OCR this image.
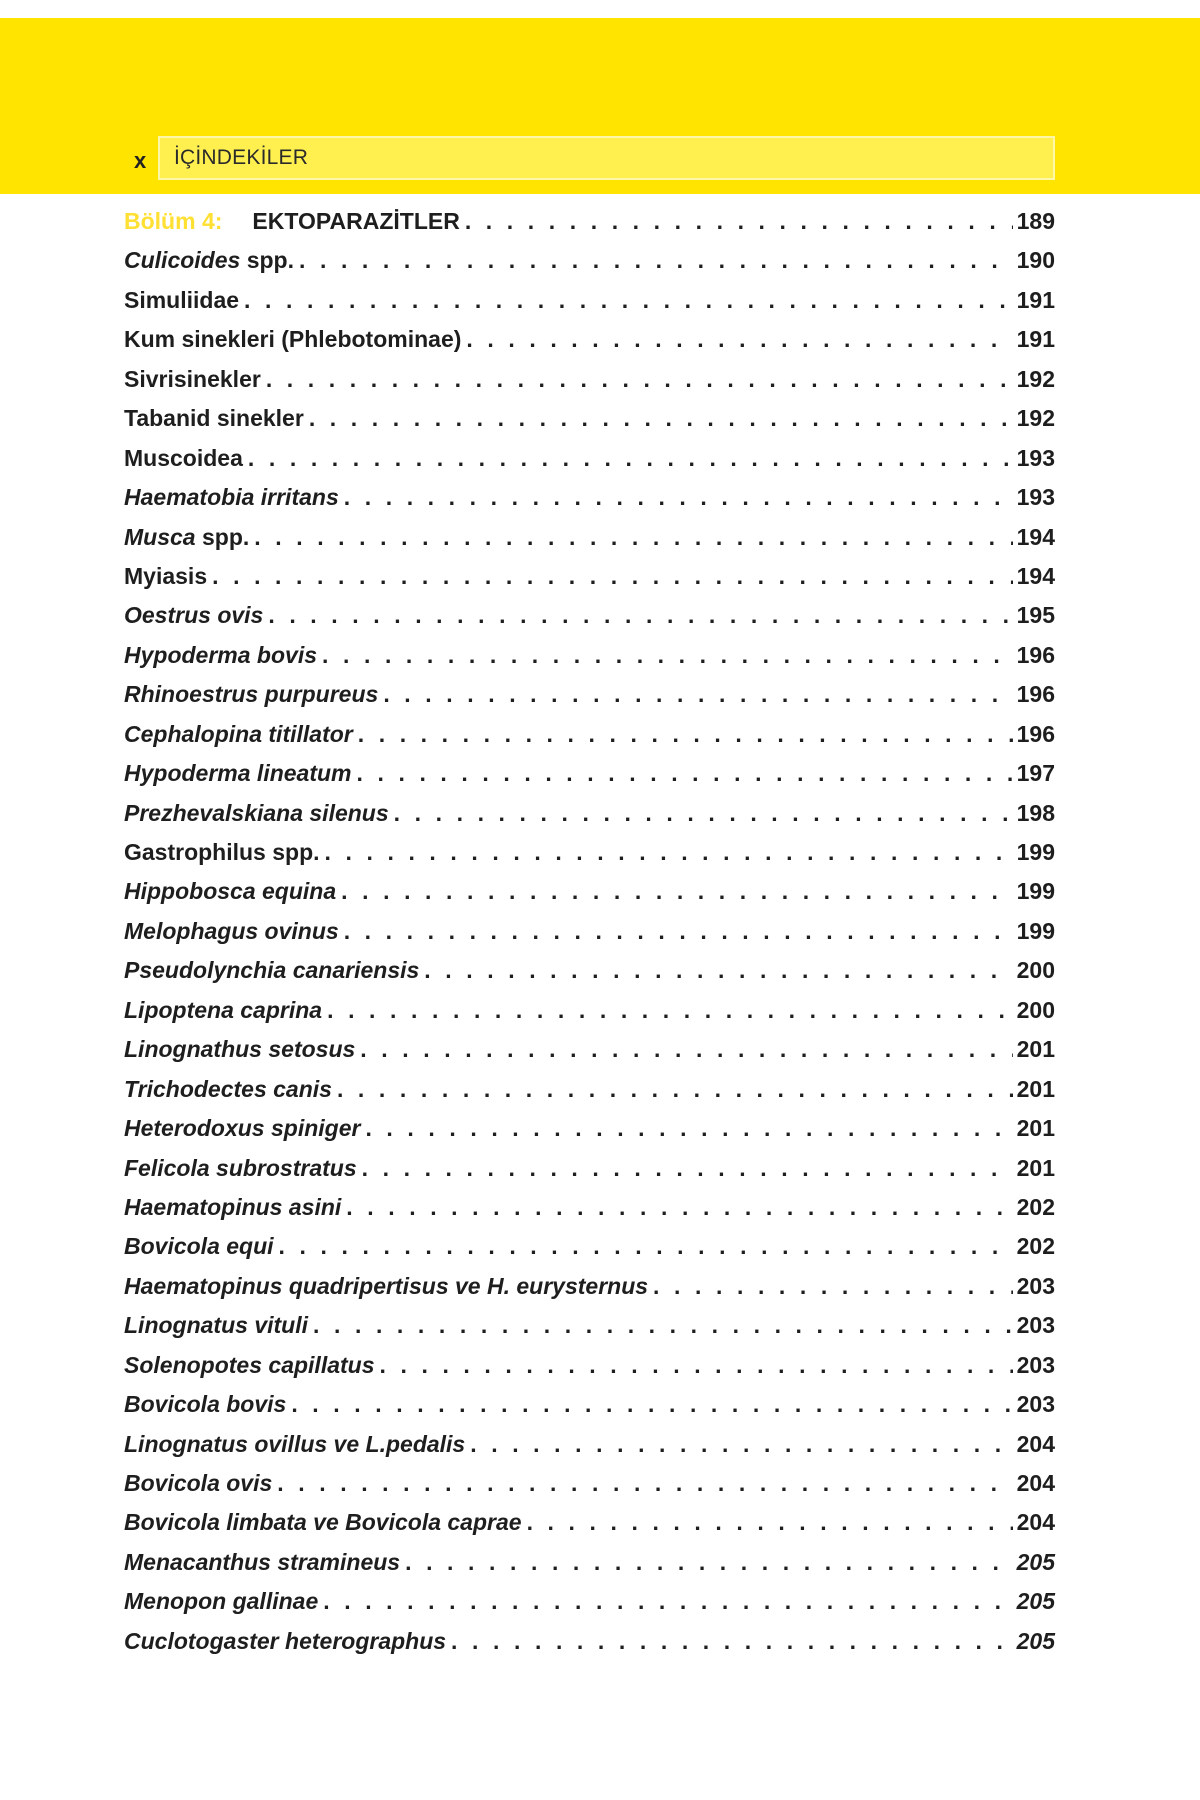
x İÇİNDEKİLER
Bölüm 4: EKTOPARAZİTLER . . .	189
Culicoides spp. . . .	190
Simuliidae . . .	191
Kum sinekleri (Phlebotominae) . . .	191
Sivrisinekler . . .	192
Tabanid sinekler . . .	192
Muscoidea . . .	193
Haematobia irritans . . .	193
Musca spp. . . .	194
Myiasis . . .	194
Oestrus ovis . . .	195
Hypoderma bovis . . .	196
Rhinoestrus purpureus . . .	196
Cephalopina titillator . . .	196
Hypoderma lineatum . . .	197
Prezhevalskiana silenus . . .	198
Gastrophilus spp. . . .	199
Hippobosca equina . . .	199
Melophagus ovinus . . .	199
Pseudolynchia canariensis . . .	200
Lipoptena caprina . . .	200
Linognathus setosus . . .	201
Trichodectes canis . . .	201
Heterodoxus spiniger . . .	201
Felicola subrostratus . . .	201
Haematopinus asini . . .	202
Bovicola equi . . .	202
Haematopinus quadripertisus ve H. eurysternus . . .	203
Linognatus vituli . . .	203
Solenopotes capillatus . . .	203
Bovicola bovis . . .	203
Linognatus ovillus ve L.pedalis . . .	204
Bovicola ovis . . .	204
Bovicola limbata ve Bovicola caprae . . .	204
Menacanthus stramineus . . .	205
Menopon gallinae . . .	205
Cuclotogaster heterographus . . .	205
